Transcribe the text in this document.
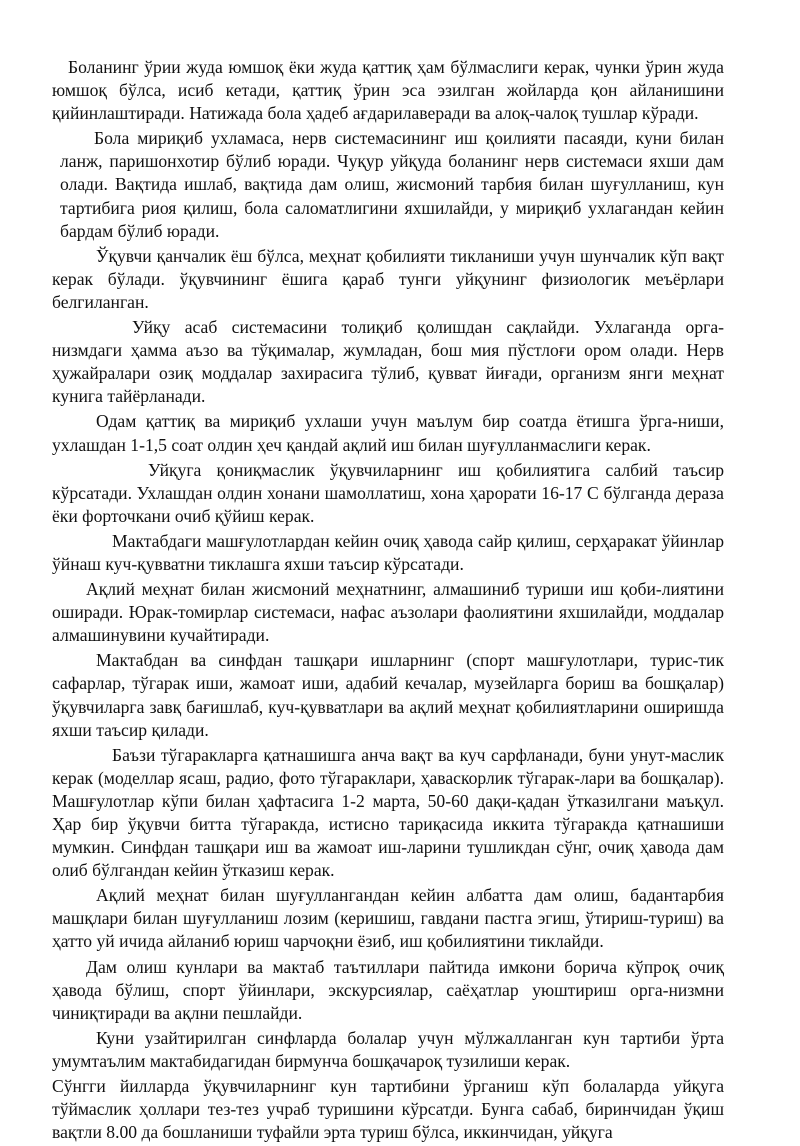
Боланинг ўрии жуда юмшоқ ёки жуда қаттиқ ҳам бўлмаслиги керак, чунки ўрин жуда юмшоқ бўлса, исиб кетади, қаттиқ ўрин эса эзилган жойларда қон айланишини қийинлаштиради. Натижада бола ҳадеб ағдарилаверади ва алоқ-чалоқ тушлар кўради.

Бола мириқиб ухламаса, нерв системасининг иш қоилияти пасаяди, куни билан ланж, паришонхотир бўлиб юради. Чуқур уйқуда боланинг нерв системаси яхши дам олади. Вақтида ишлаб, вақтида дам олиш, жисмоний тарбия билан шуғулланиш, кун тартибига риоя қилиш, бола саломатлигини яхшилайди, у мириқиб ухлагандан кейин бардам бўлиб юради.

Ўқувчи қанчалик ёш бўлса, меҳнат қобилияти тикланиши учун шунчалик кўп вақт керак бўлади. ўқувчининг ёшига қараб тунги уйқунинг физиологик меъёрлари белгиланган.

Уйқу асаб системасини толиқиб қолишдан сақлайди. Ухлаганда орга-низмдаги ҳамма аъзо ва тўқималар, жумладан, бош мия пўстлоғи ором олади. Нерв ҳужайралари озиқ моддалар захирасига тўлиб, қувват йиғади, организм янги меҳнат кунига тайёрланади.

Одам қаттиқ ва мириқиб ухлаши учун маълум бир соатда ётишга ўрга-ниши, ухлашдан 1-1,5 соат олдин ҳеч қандай ақлий иш билан шуғулланмаслиги керак.

Уйқуга қониқмаслик ўқувчиларнинг иш қобилиятига салбий таъсир кўрсатади. Ухлашдан олдин хонани шамоллатиш, хона ҳарорати 16-17 С бўлганда дераза ёки форточкани очиб қўйиш керак.

Мактабдаги машғулотлардан кейин очиқ ҳавода сайр қилиш, серҳаракат ўйинлар ўйнаш куч-қувватни тиклашга яхши таъсир кўрсатади.

Ақлий меҳнат билан жисмоний меҳнатнинг, алмашиниб туриши иш қоби-лиятини оширади. Юрак-томирлар системаси, нафас аъзолари фаолиятини яхшилайди, моддалар алмашинувини кучайтиради.

Мактабдан ва синфдан ташқари ишларнинг (спорт машғулотлари, турис-тик сафарлар, тўгарак иши, жамоат иши, адабий кечалар, музейларга бориш ва бошқалар) ўқувчиларга завқ бағишлаб, куч-қувватлари ва ақлий меҳнат қобилиятларини оширишда яхши таъсир қилади.

Баъзи тўгаракларга қатнашишга анча вақт ва куч сарфланади, буни унут-маслик керак (моделлар ясаш, радио, фото тўгараклари, ҳаваскорлик тўгарак-лари ва бошқалар). Машғулотлар кўпи билан ҳафтасига 1-2 марта, 50-60 дақи-қадан ўтказилгани маъқул. Ҳар бир ўқувчи битта тўгаракда, истисно тариқасида иккита тўгаракда қатнашиши мумкин. Синфдан ташқари иш ва жамоат иш-ларини тушликдан сўнг, очиқ ҳавода дам олиб бўлгандан кейин ўтказиш керак.

Ақлий меҳнат билан шуғуллангандан кейин албатта дам олиш, бадантарбия машқлари билан шуғулланиш лозим (керишиш, гавдани пастга эгиш, ўтириш-туриш) ва ҳатто уй ичида айланиб юриш чарчоқни ёзиб, иш қобилиятини тиклайди.

Дам олиш кунлари ва мактаб таътиллари пайтида имкони борича кўпроқ очиқ ҳавода бўлиш, спорт ўйинлари, экскурсиялар, саёҳатлар уюштириш орга-низмни чиниқтиради ва ақлни пешлайди.

Куни узайтирилган синфларда болалар учун мўлжалланган кун тартиби ўрта умумтаълим мактабидагидан бирмунча бошқачароқ тузилиши керак.

Сўнгги йилларда ўқувчиларнинг кун тартибини ўрганиш кўп болаларда уйқуга тўймаслик ҳоллари тез-тез учраб туришини кўрсатди. Бунга сабаб, биринчидан ўқиш вақтли 8.00 да бошланиши туфайли эрта туриш бўлса, иккинчидан, уйқуга
